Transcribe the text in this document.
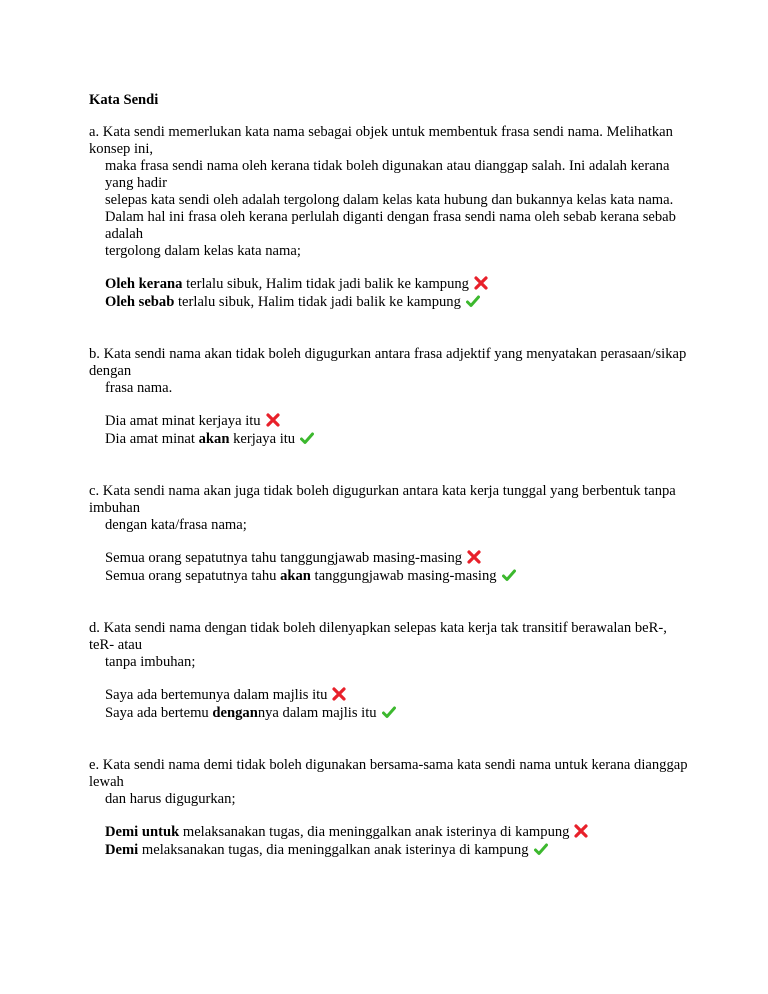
Kata Sendi

a. Kata sendi memerlukan kata nama sebagai objek untuk membentuk frasa sendi nama. Melihatkan konsep ini,

maka frasa sendi nama oleh kerana tidak boleh digunakan atau dianggap salah. Ini adalah kerana yang hadir

selepas kata sendi oleh adalah tergolong dalam kelas kata hubung dan bukannya kelas kata nama.

Dalam hal ini frasa oleh kerana perlulah diganti dengan frasa sendi nama oleh sebab kerana sebab adalah

tergolong dalam kelas kata nama;

Oleh kerana terlalu sibuk, Halim tidak jadi balik ke kampung
Oleh sebab terlalu sibuk, Halim tidak jadi balik ke kampung

b. Kata sendi nama akan tidak boleh digugurkan antara frasa adjektif yang menyatakan perasaan/sikap dengan

frasa nama.

Dia amat minat kerjaya itu
Dia amat minat akan kerjaya itu

c. Kata sendi nama akan juga tidak boleh digugurkan antara kata kerja tunggal yang berbentuk tanpa imbuhan

dengan kata/frasa nama;

Semua orang sepatutnya tahu tanggungjawab masing-masing
Semua orang sepatutnya tahu akan tanggungjawab masing-masing

d. Kata sendi nama dengan tidak boleh dilenyapkan selepas kata kerja tak transitif berawalan beR-, teR- atau

tanpa imbuhan;

Saya ada bertemunya dalam majlis itu
Saya ada bertemu dengannya dalam majlis itu

e. Kata sendi nama demi tidak boleh digunakan bersama-sama kata sendi nama untuk kerana dianggap lewah

dan harus digugurkan;

Demi untuk melaksanakan tugas, dia meninggalkan anak isterinya di kampung
Demi melaksanakan tugas, dia meninggalkan anak isterinya di kampung
